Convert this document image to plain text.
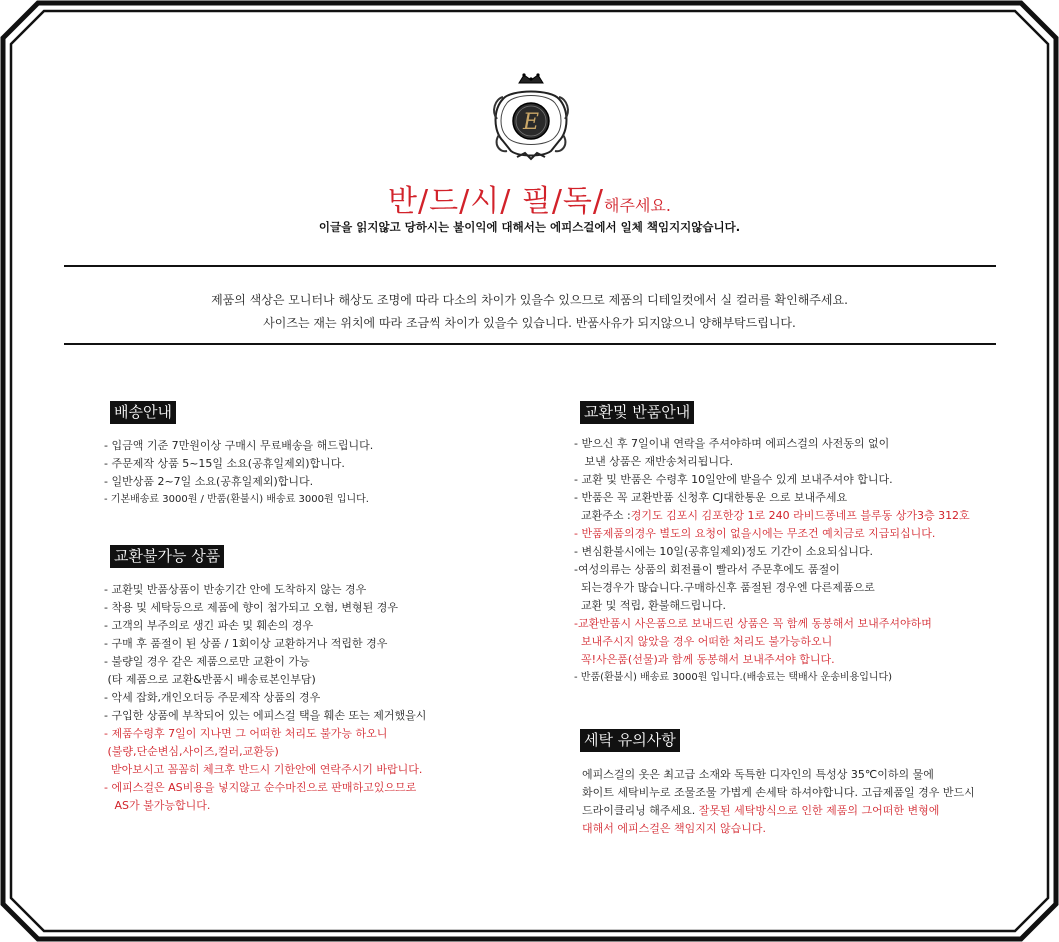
E
반/드/시/ 필/독/해주세요.
이글을 읽지않고 당하시는 불이익에 대해서는 에피스걸에서 일체 책임지지않습니다.
제품의 색상은 모니터나 해상도 조명에 따라 다소의 차이가 있을수 있으므로 제품의 디테일컷에서 실 컬러를 확인해주세요.
사이즈는 재는 위치에 따라 조금씩 차이가 있을수 있습니다. 반품사유가 되지않으니 양해부탁드립니다.
배송안내
- 입금액 기준 7만원이상 구매시 무료배송을 해드립니다.
- 주문제작 상품 5~15일 소요(공휴일제외)합니다.
- 일반상품 2~7일 소요(공휴일제외)합니다.
- 기본배송료 3000원 / 반품(환불시) 배송료 3000원 입니다.
교환불가능 상품
- 교환및 반품상품이 반송기간 안에 도착하지 않는 경우
- 착용 및 세탁등으로 제품에 향이 첨가되고 오혐, 변형된 경우
- 고객의 부주의로 생긴 파손 및 훼손의 경우
- 구매 후 품절이 된 상품 / 1회이상 교환하거나 적립한 경우
- 불량일 경우 같은 제품으로만 교환이 가능
(타 제품으로 교환&반품시 배송료본인부담)
- 악세 잡화,개인오더등 주문제작 상품의 경우
- 구입한 상품에 부착되어 있는 에피스걸 택을 훼손 또는 제거했을시
- 제품수령후 7일이 지나면 그 어떠한 처리도 불가능 하오니
(불량,단순변심,사이즈,컬러,교환등)
받아보시고 꼼꼼히 체크후 반드시 기한안에 연락주시기 바랍니다.
- 에피스걸은 AS비용을 넣지않고 순수마진으로 판매하고있으므로
AS가 불가능합니다.
교환및 반품안내
- 받으신 후 7일이내 연락을 주셔야하며 에피스걸의 사전동의 없이
보낸 상품은 재반송처리됩니다.
- 교환 및 반품은 수령후 10일안에 받을수 있게 보내주셔야 합니다.
- 반품은 꼭 교환반품 신청후 CJ대한통운 으로 보내주세요
교환주소 :경기도 김포시 김포한강 1로 240 라비드퐁네프 블루동 상가3층 312호
- 반품제품의경우 별도의 요청이 없을시에는 무조건 예치금로 지급되십니다.
- 변심환불시에는 10일(공휴일제외)정도 기간이 소요되십니다.
-여성의류는 상품의 회전률이 빨라서 주문후에도 품절이
되는경우가 많습니다.구매하신후 품절된 경우엔 다른제품으로
교환 및 적립, 환불해드립니다.
-교환반품시 사은품으로 보내드린 상품은 꼭 함께 동봉해서 보내주셔야하며
보내주시지 않았을 경우 어떠한 처리도 불가능하오니
꼭!사은품(선물)과 함께 동봉해서 보내주셔야 합니다.
- 반품(환불시) 배송료 3000원 입니다.(배송료는 택배사 운송비용입니다)
세탁 유의사항
에피스걸의 옷은 최고급 소재와 독특한 디자인의 특성상 35℃이하의 물에
화이트 세탁비누로 조물조물 가볍게 손세탁 하셔야합니다. 고급제품일 경우 반드시
드라이클리닝 해주세요. 잘못된 세탁방식으로 인한 제품의 그어떠한 변형에
대해서 에피스걸은 책임지지 않습니다.
